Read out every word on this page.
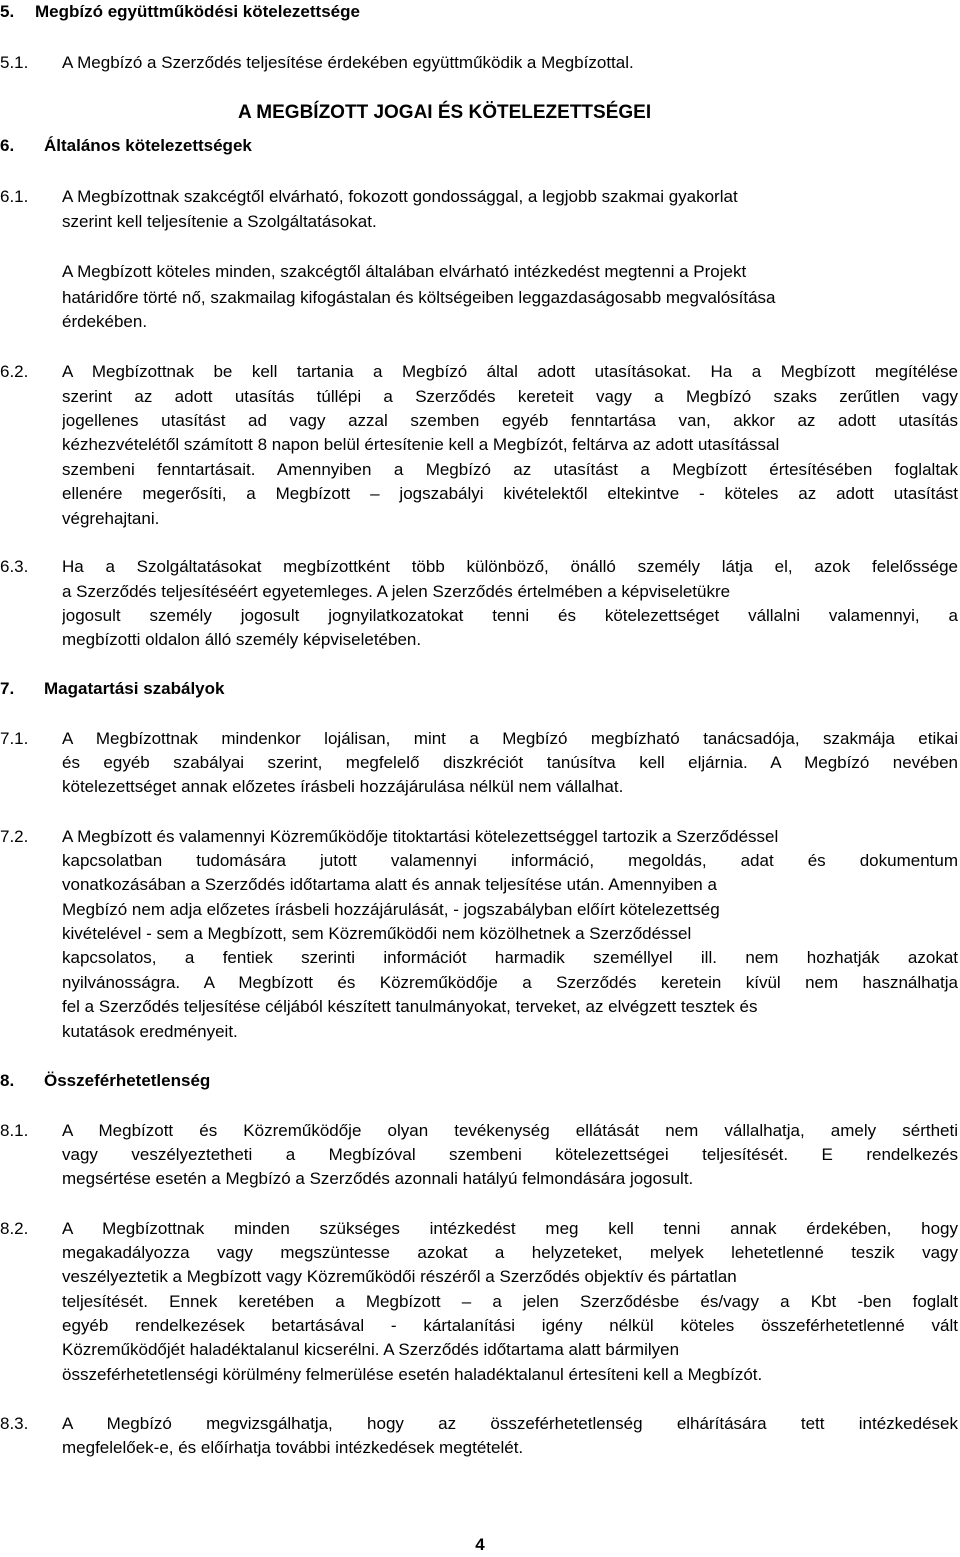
5. Megbízó együttműködési kötelezettsége
5.1. A Megbízó a Szerződés teljesítése érdekében együttműködik a Megbízottal.
A MEGBÍZOTT JOGAI ÉS KÖTELEZETTSÉGEI
6. Általános kötelezettségek
6.1. A Megbízottnak szakcégtől elvárható, fokozott gondossággal, a legjobb szakmai gyakorlat
szerint kell teljesítenie a Szolgáltatásokat.
A Megbízott köteles minden, szakcégtől általában elvárható intézkedést megtenni a Projekt
határidőre törté nő, szakmailag kifogástalan és költségeiben leggazdaságosabb megvalósítása
érdekében.
6.2. A Megbízottnak be kell tartania a Megbízó által adott utasításokat. Ha a Megbízott megítélése
szerint az adott utasítás túllépi a Szerződés kereteit vagy a Megbízó szaks zerűtlen vagy
jogellenes utasítást ad vagy azzal szemben egyéb fenntartása van, akkor az adott utasítás
kézhezvételétől számított 8 napon belül értesítenie kell a Megbízót, feltárva az adott utasítással
szembeni fenntartásait. Amennyiben a Megbízó az utasítást a Megbízott értesítésében foglaltak
ellenére megerősíti, a Megbízott – jogszabályi kivételektől eltekintve - köteles az adott utasítást
végrehajtani.
6.3. Ha a Szolgáltatásokat megbízottként több különböző, önálló személy látja el, azok felelőssége
a Szerződés teljesítéséért egyetemleges. A jelen Szerződés értelmében a képviseletükre
jogosult személy jogosult jognyilatkozatokat tenni és kötelezettséget vállalni valamennyi, a
megbízotti oldalon álló személy képviseletében.
7. Magatartási szabályok
7.1. A Megbízottnak mindenkor lojálisan, mint a Megbízó megbízható tanácsadója, szakmája etikai
és egyéb szabályai szerint, megfelelő diszkréciót tanúsítva kell eljárnia. A Megbízó nevében
kötelezettséget annak előzetes írásbeli hozzájárulása nélkül nem vállalhat.
7.2. A Megbízott és valamennyi Közreműködője titoktartási kötelezettséggel tartozik a Szerződéssel
kapcsolatban tudomására jutott valamennyi információ, megoldás, adat és dokumentum
vonatkozásában a Szerződés időtartama alatt és annak teljesítése után. Amennyiben a
Megbízó nem adja előzetes írásbeli hozzájárulását, - jogszabályban előírt kötelezettség
kivételével - sem a Megbízott, sem Közreműködői nem közölhetnek a Szerződéssel
kapcsolatos, a fentiek szerinti információt harmadik személlyel ill. nem hozhatják azokat
nyilvánosságra. A Megbízott és Közreműködője a Szerződés keretein kívül nem használhatja
fel a Szerződés teljesítése céljából készített tanulmányokat, terveket, az elvégzett tesztek és
kutatások eredményeit.
8. Összeférhetetlenség
8.1. A Megbízott és Közreműködője olyan tevékenység ellátását nem vállalhatja, amely sértheti
vagy veszélyeztetheti a Megbízóval szembeni kötelezettségei teljesítését. E rendelkezés
megsértése esetén a Megbízó a Szerződés azonnali hatályú felmondására jogosult.
8.2. A Megbízottnak minden szükséges intézkedést meg kell tenni annak érdekében, hogy
megakadályozza vagy megszüntesse azokat a helyzeteket, melyek lehetetlenné teszik vagy
veszélyeztetik a Megbízott vagy Közreműködői részéről a Szerződés objektív és pártatlan
teljesítését. Ennek keretében a Megbízott – a jelen Szerződésbe és/vagy a Kbt -ben foglalt
egyéb rendelkezések betartásával - kártalanítási igény nélkül köteles összeférhetetlenné vált
Közreműködőjét haladéktalanul kicserélni. A Szerződés időtartama alatt bármilyen
összeférhetetlenségi körülmény felmerülése esetén haladéktalanul értesíteni kell a Megbízót.
8.3. A Megbízó megvizsgálhatja, hogy az összeférhetetlenség elhárítására tett intézkedések
megfelelőek-e, és előírhatja további intézkedések megtételét.
4
